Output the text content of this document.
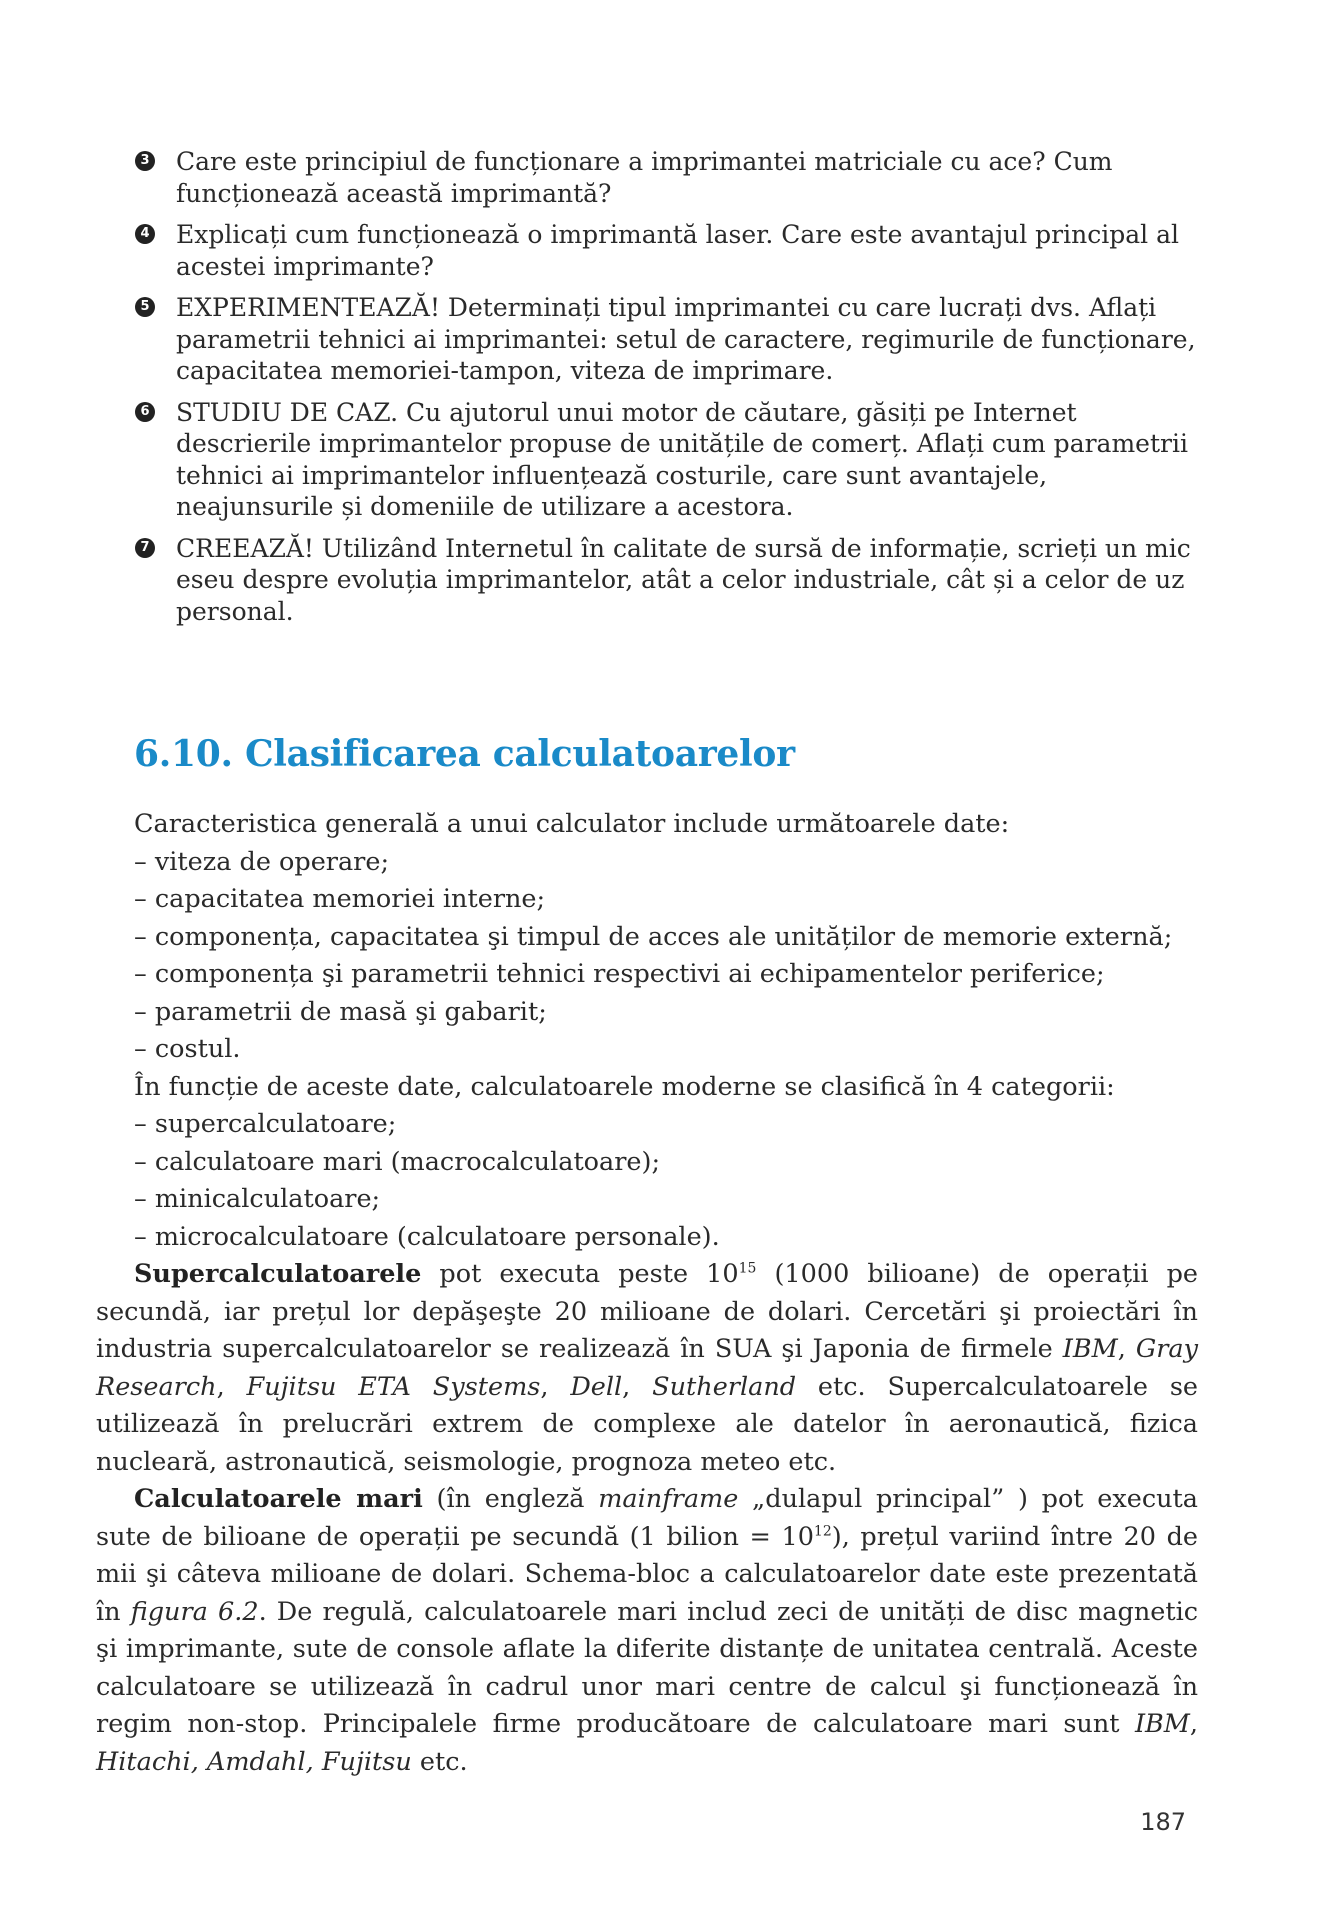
3 Care este principiul de funcționare a imprimantei matriciale cu ace? Cum funcționează această imprimantă?
4 Explicați cum funcționează o imprimantă laser. Care este avantajul principal al acestei imprimante?
5 EXPERIMENTEAZĂ! Determinați tipul imprimantei cu care lucrați dvs. Aflați parametrii tehnici ai imprimantei: setul de caractere, regimurile de funcționare, capacitatea memoriei-tampon, viteza de imprimare.
6 STUDIU DE CAZ. Cu ajutorul unui motor de căutare, găsiți pe Internet descrierile imprimantelor propuse de unitățile de comerț. Aflați cum parametrii tehnici ai imprimantelor influențează costurile, care sunt avantajele, neajunsurile și domeniile de utilizare a acestora.
7 CREEAZĂ! Utilizând Internetul în calitate de sursă de informație, scrieți un mic eseu despre evoluția imprimantelor, atât a celor industriale, cât și a celor de uz personal.
6.10. Clasificarea calculatoarelor

Caracteristica generală a unui calculator include următoarele date:

– viteza de operare;

– capacitatea memoriei interne;

– componența, capacitatea şi timpul de acces ale unităților de memorie externă;

– componența şi parametrii tehnici respectivi ai echipamentelor periferice;

– parametrii de masă şi gabarit;

– costul.

În funcție de aceste date, calculatoarele moderne se clasifică în 4 categorii:

– supercalculatoare;

– calculatoare mari (macrocalculatoare);

– minicalculatoare;

– microcalculatoare (calculatoare personale).

Supercalculatoarele pot executa peste $10^{15}$ (1000 bilioane) de operații pe secundă, iar prețul lor depăşeşte 20 milioane de dolari. Cercetări şi proiectări în industria supercalculatoarelor se realizează în SUA şi Japonia de firmele IBM, Gray Research, Fujitsu ETA Systems, Dell, Sutherland etc. Supercalculatoarele se utilizează în prelucrări extrem de complexe ale datelor în aeronautică, fizica nucleară, astronautică, seismologie, prognoza meteo etc.

Calculatoarele mari (în engleză mainframe „dulapul principal” ) pot executa sute de bilioane de operații pe secundă (1 bilion = $10^{12}$), prețul variind între 20 de mii şi câteva milioane de dolari. Schema-bloc a calculatoarelor date este prezentată în figura 6.2. De regulă, calculatoarele mari includ zeci de unități de disc magnetic şi imprimante, sute de console aflate la diferite distanțe de unitatea centrală. Aceste calculatoare se utilizează în cadrul unor mari centre de calcul şi funcționează în regim non-stop. Principalele firme producătoare de calculatoare mari sunt IBM, Hitachi, Amdahl, Fujitsu etc.

187
